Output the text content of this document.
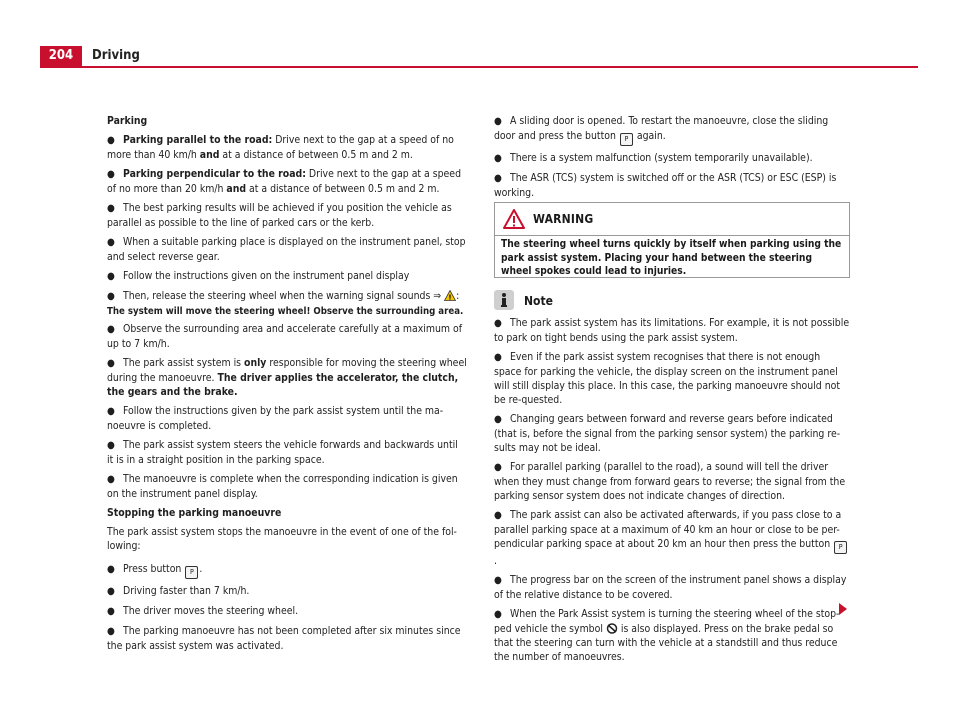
204	Driving

Parking

● Parking parallel to the road: Drive next to the gap at a speed of no more than 40 km/h and at a distance of between 0.5 m and 2 m.

● Parking perpendicular to the road: Drive next to the gap at a speed of no more than 20 km/h and at a distance of between 0.5 m and 2 m.

● The best parking results will be achieved if you position the vehicle as parallel as possible to the line of parked cars or the kerb.

● When a suitable parking place is displayed on the instrument panel, stop and select reverse gear.

● Follow the instructions given on the instrument panel display

● Then, release the steering wheel when the warning signal sounds ⇒ ! :
The system will move the steering wheel! Observe the surrounding area.

● Observe the surrounding area and accelerate carefully at a maximum of up to 7 km/h.

● The park assist system is only responsible for moving the steering wheel during the manoeuvre. The driver applies the accelerator, the clutch, the gears and the brake.

● Follow the instructions given by the park assist system until the ma-noeuvre is completed.

● The park assist system steers the vehicle forwards and backwards until it is in a straight position in the parking space.

● The manoeuvre is complete when the corresponding indication is given on the instrument panel display.

Stopping the parking manoeuvre

The park assist system stops the manoeuvre in the event of one of the fol-lowing:

● Press button P .

● Driving faster than 7 km/h.

● The driver moves the steering wheel.

● The parking manoeuvre has not been completed after six minutes since the park assist system was activated.

● A sliding door is opened. To restart the manoeuvre, close the sliding door and press the button P again.

● There is a system malfunction (system temporarily unavailable).

● The ASR (TCS) system is switched off or the ASR (TCS) or ESC (ESP) is working.

WARNING
The steering wheel turns quickly by itself when parking using the park assist system. Placing your hand between the steering wheel spokes could lead to injuries.
Note

● The park assist system has its limitations. For example, it is not possible to park on tight bends using the park assist system.

● Even if the park assist system recognises that there is not enough space for parking the vehicle, the display screen on the instrument panel will still display this place. In this case, the parking manoeuvre should not be re-quested.

● Changing gears between forward and reverse gears before indicated (that is, before the signal from the parking sensor system) the parking re-sults may not be ideal.

● For parallel parking (parallel to the road), a sound will tell the driver when they must change from forward gears to reverse; the signal from the parking sensor system does not indicate changes of direction.

● The park assist can also be activated afterwards, if you pass close to a parallel parking space at a maximum of 40 km an hour or close to be per-pendicular parking space at about 20 km an hour then press the button P.

● The progress bar on the screen of the instrument panel shows a display of the relative distance to be covered.

● When the Park Assist system is turning the steering wheel of the stop-ped vehicle the symbol  is also displayed. Press on the brake pedal so that the steering can turn with the vehicle at a standstill and thus reduce the number of manoeuvres.
